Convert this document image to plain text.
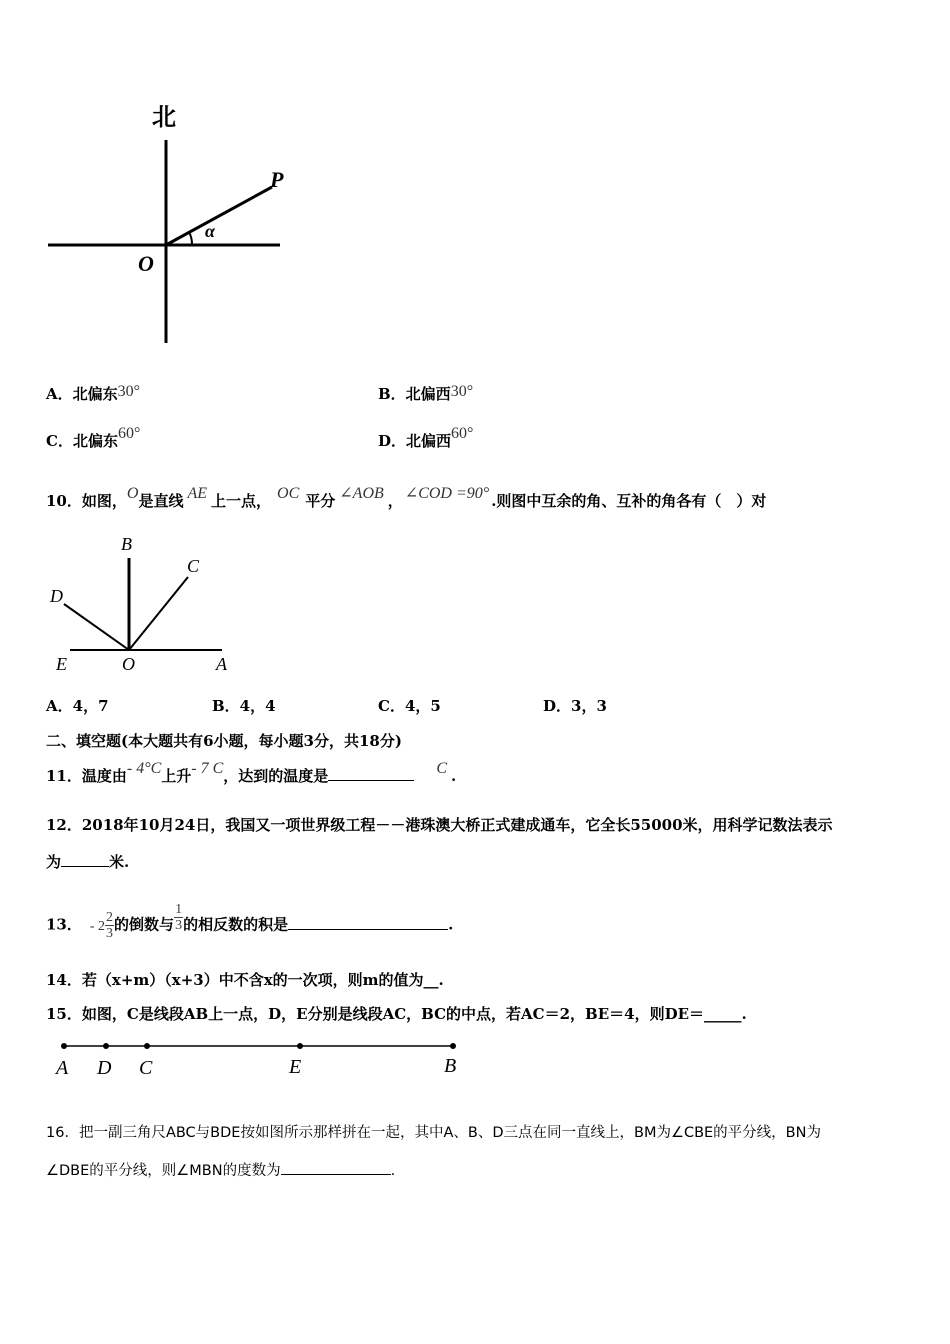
北
P
O
α
A．北偏东30°	B．北偏西30°
C．北偏东60°	D．北偏西60°
10．如图，O是直线 AE 上一点， OC 平分 ∠AOB ， ∠COD =90° .则图中互余的角、互补的角各有（　）对
B
C
D
E	O	A
A．4，7	B．4，4	C．4，5	D．3，3
二、填空题(本大题共有6小题，每小题3分，共18分)
11．温度由- 4°C上升- 7 C，达到的温度是	C .
12．2018年10月24日，我国又一项世界级工程－－港珠澳大桥正式建成通车，它全长55000米，用科学记数法表示
为	米.
13． - $2 \frac{2}{3}$ 的倒数与 $\frac{1}{3}$ 的相反数的积是	.
14．若（x+m）（x+3）中不含x的一次项，则m的值为__.
15．如图，C是线段AB上一点，D，E分别是线段AC，BC的中点，若AC＝2，BE＝4，则DE＝_____.
A D C	E	B
16．把一副三角尺ABC与BDE按如图所示那样拼在一起，其中A、B、D三点在同一直线上，BM为∠CBE的平分线，BN为
∠DBE的平分线，则∠MBN的度数为	.
